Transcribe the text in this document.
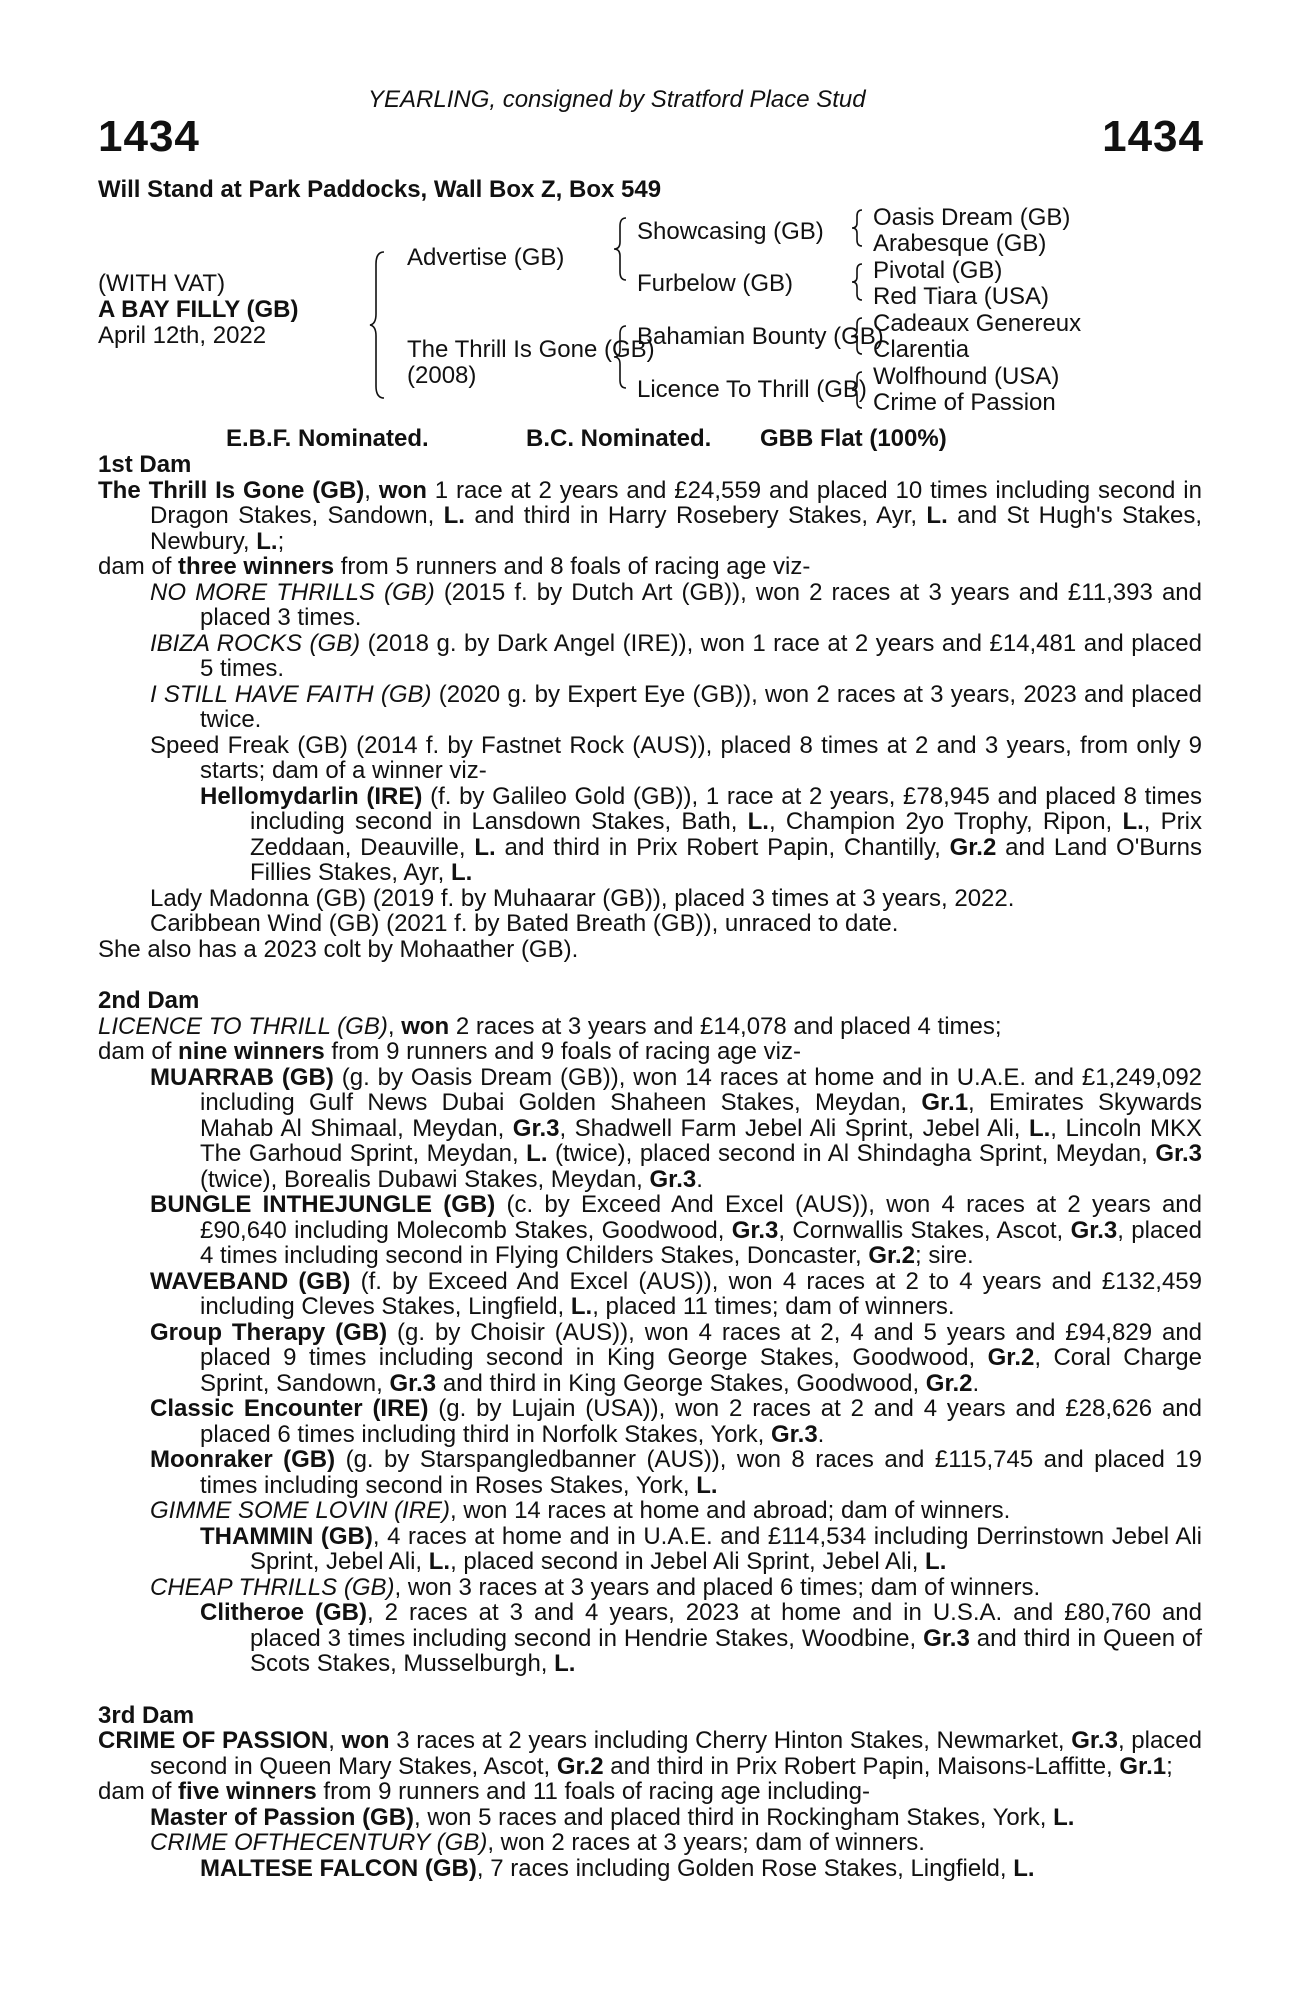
YEARLING, consigned by Stratford Place Stud
1434	1434
Will Stand at Park Paddocks, Wall Box Z, Box 549
(WITH VAT)
A BAY FILLY (GB)
April 12th, 2022
Advertise (GB)
The Thrill Is Gone (GB)
(2008)
Showcasing (GB)
Furbelow (GB)
Bahamian Bounty (GB)
Licence To Thrill (GB)
Oasis Dream (GB)
Arabesque (GB)
Pivotal (GB)
Red Tiara (USA)
Cadeaux Genereux
Clarentia
Wolfhound (USA)
Crime of Passion
E.B.F. Nominated.	B.C. Nominated. GBB Flat (100%)

1st Dam

The Thrill Is Gone (GB), won 1 race at 2 years and £24,559 and placed 10 times including second in Dragon Stakes, Sandown, L. and third in Harry Rosebery Stakes, Ayr, L. and St Hugh's Stakes, Newbury, L.;

dam of three winners from 5 runners and 8 foals of racing age viz-

NO MORE THRILLS (GB) (2015 f. by Dutch Art (GB)), won 2 races at 3 years and £11,393 and placed 3 times.

IBIZA ROCKS (GB) (2018 g. by Dark Angel (IRE)), won 1 race at 2 years and £14,481 and placed 5 times.

I STILL HAVE FAITH (GB) (2020 g. by Expert Eye (GB)), won 2 races at 3 years, 2023 and placed twice.

Speed Freak (GB) (2014 f. by Fastnet Rock (AUS)), placed 8 times at 2 and 3 years, from only 9 starts; dam of a winner viz-

Hellomydarlin (IRE) (f. by Galileo Gold (GB)), 1 race at 2 years, £78,945 and placed 8 times including second in Lansdown Stakes, Bath, L., Champion 2yo Trophy, Ripon, L., Prix Zeddaan, Deauville, L. and third in Prix Robert Papin, Chantilly, Gr.2 and Land O'Burns Fillies Stakes, Ayr, L.

Lady Madonna (GB) (2019 f. by Muhaarar (GB)), placed 3 times at 3 years, 2022.

Caribbean Wind (GB) (2021 f. by Bated Breath (GB)), unraced to date.

She also has a 2023 colt by Mohaather (GB).

2nd Dam

LICENCE TO THRILL (GB), won 2 races at 3 years and £14,078 and placed 4 times;

dam of nine winners from 9 runners and 9 foals of racing age viz-

MUARRAB (GB) (g. by Oasis Dream (GB)), won 14 races at home and in U.A.E. and £1,249,092 including Gulf News Dubai Golden Shaheen Stakes, Meydan, Gr.1, Emirates Skywards Mahab Al Shimaal, Meydan, Gr.3, Shadwell Farm Jebel Ali Sprint, Jebel Ali, L., Lincoln MKX The Garhoud Sprint, Meydan, L. (twice), placed second in Al Shindagha Sprint, Meydan, Gr.3 (twice), Borealis Dubawi Stakes, Meydan, Gr.3.

BUNGLE INTHEJUNGLE (GB) (c. by Exceed And Excel (AUS)), won 4 races at 2 years and £90,640 including Molecomb Stakes, Goodwood, Gr.3, Cornwallis Stakes, Ascot, Gr.3, placed 4 times including second in Flying Childers Stakes, Doncaster, Gr.2; sire.

WAVEBAND (GB) (f. by Exceed And Excel (AUS)), won 4 races at 2 to 4 years and £132,459 including Cleves Stakes, Lingfield, L., placed 11 times; dam of winners.

Group Therapy (GB) (g. by Choisir (AUS)), won 4 races at 2, 4 and 5 years and £94,829 and placed 9 times including second in King George Stakes, Goodwood, Gr.2, Coral Charge Sprint, Sandown, Gr.3 and third in King George Stakes, Goodwood, Gr.2.

Classic Encounter (IRE) (g. by Lujain (USA)), won 2 races at 2 and 4 years and £28,626 and placed 6 times including third in Norfolk Stakes, York, Gr.3.

Moonraker (GB) (g. by Starspangledbanner (AUS)), won 8 races and £115,745 and placed 19 times including second in Roses Stakes, York, L.

GIMME SOME LOVIN (IRE), won 14 races at home and abroad; dam of winners.

THAMMIN (GB), 4 races at home and in U.A.E. and £114,534 including Derrinstown Jebel Ali Sprint, Jebel Ali, L., placed second in Jebel Ali Sprint, Jebel Ali, L.

CHEAP THRILLS (GB), won 3 races at 3 years and placed 6 times; dam of winners.

Clitheroe (GB), 2 races at 3 and 4 years, 2023 at home and in U.S.A. and £80,760 and placed 3 times including second in Hendrie Stakes, Woodbine, Gr.3 and third in Queen of Scots Stakes, Musselburgh, L.

3rd Dam

CRIME OF PASSION, won 3 races at 2 years including Cherry Hinton Stakes, Newmarket, Gr.3, placed second in Queen Mary Stakes, Ascot, Gr.2 and third in Prix Robert Papin, Maisons-Laffitte, Gr.1;

dam of five winners from 9 runners and 11 foals of racing age including-

Master of Passion (GB), won 5 races and placed third in Rockingham Stakes, York, L.

CRIME OFTHECENTURY (GB), won 2 races at 3 years; dam of winners.

MALTESE FALCON (GB), 7 races including Golden Rose Stakes, Lingfield, L.
